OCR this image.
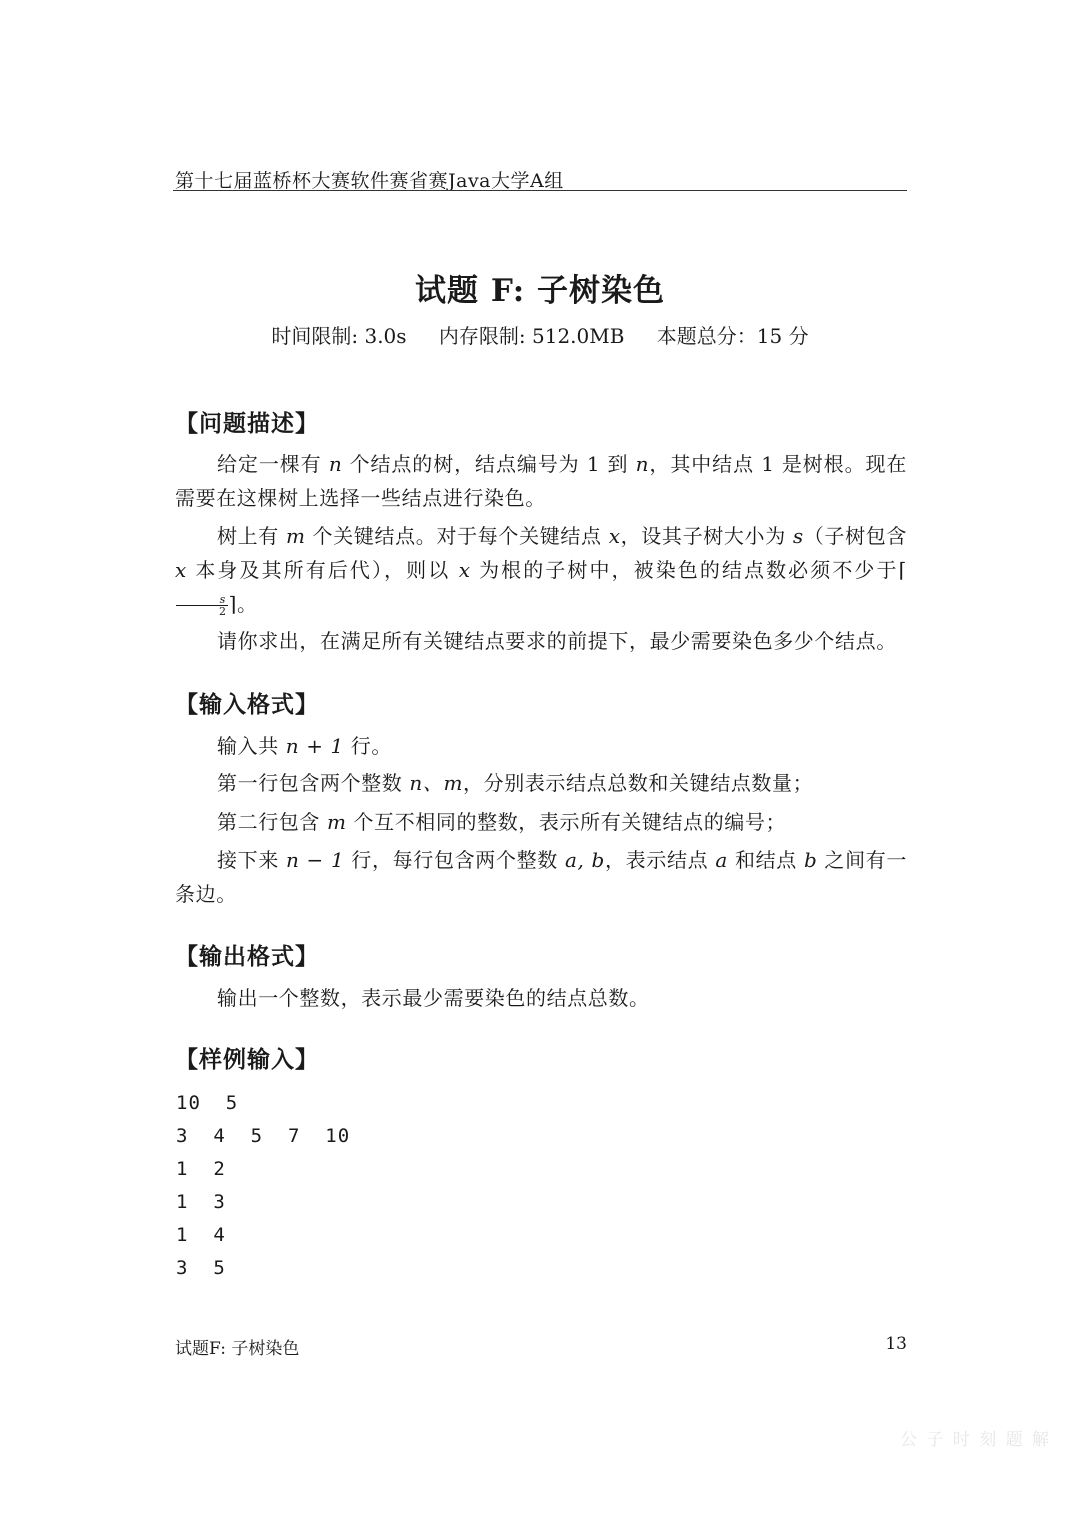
第十七届蓝桥杯大赛软件赛省赛Java大学A组
试题 F: 子树染色
时间限制: 3.0s 内存限制: 512.0MB 本题总分：15 分
【问题描述】
给定一棵有 n 个结点的树，结点编号为 1 到 n，其中结点 1 是树根。现在需要在这棵树上选择一些结点进行染色。
树上有 m 个关键结点。对于每个关键结点 x，设其子树大小为 s（子树包含 x 本身及其所有后代），则以 x 为根的子树中，被染色的结点数必须不少于⌈
$\frac{s}{2}$ ⌉。
请你求出，在满足所有关键结点要求的前提下，最少需要染色多少个结点。
【输入格式】
输入共 n + 1 行。
第一行包含两个整数 n、m，分别表示结点总数和关键结点数量；
第二行包含 m 个互不相同的整数，表示所有关键结点的编号；
接下来 n − 1 行，每行包含两个整数 a, b，表示结点 a 和结点 b 之间有一条边。
【输出格式】
输出一个整数，表示最少需要染色的结点总数。
【样例输入】
10  5
3  4  5  7  10
1  2
1  3
1  4
3  5
试题F: 子树染色	13
公 子 时 刻 题 解
